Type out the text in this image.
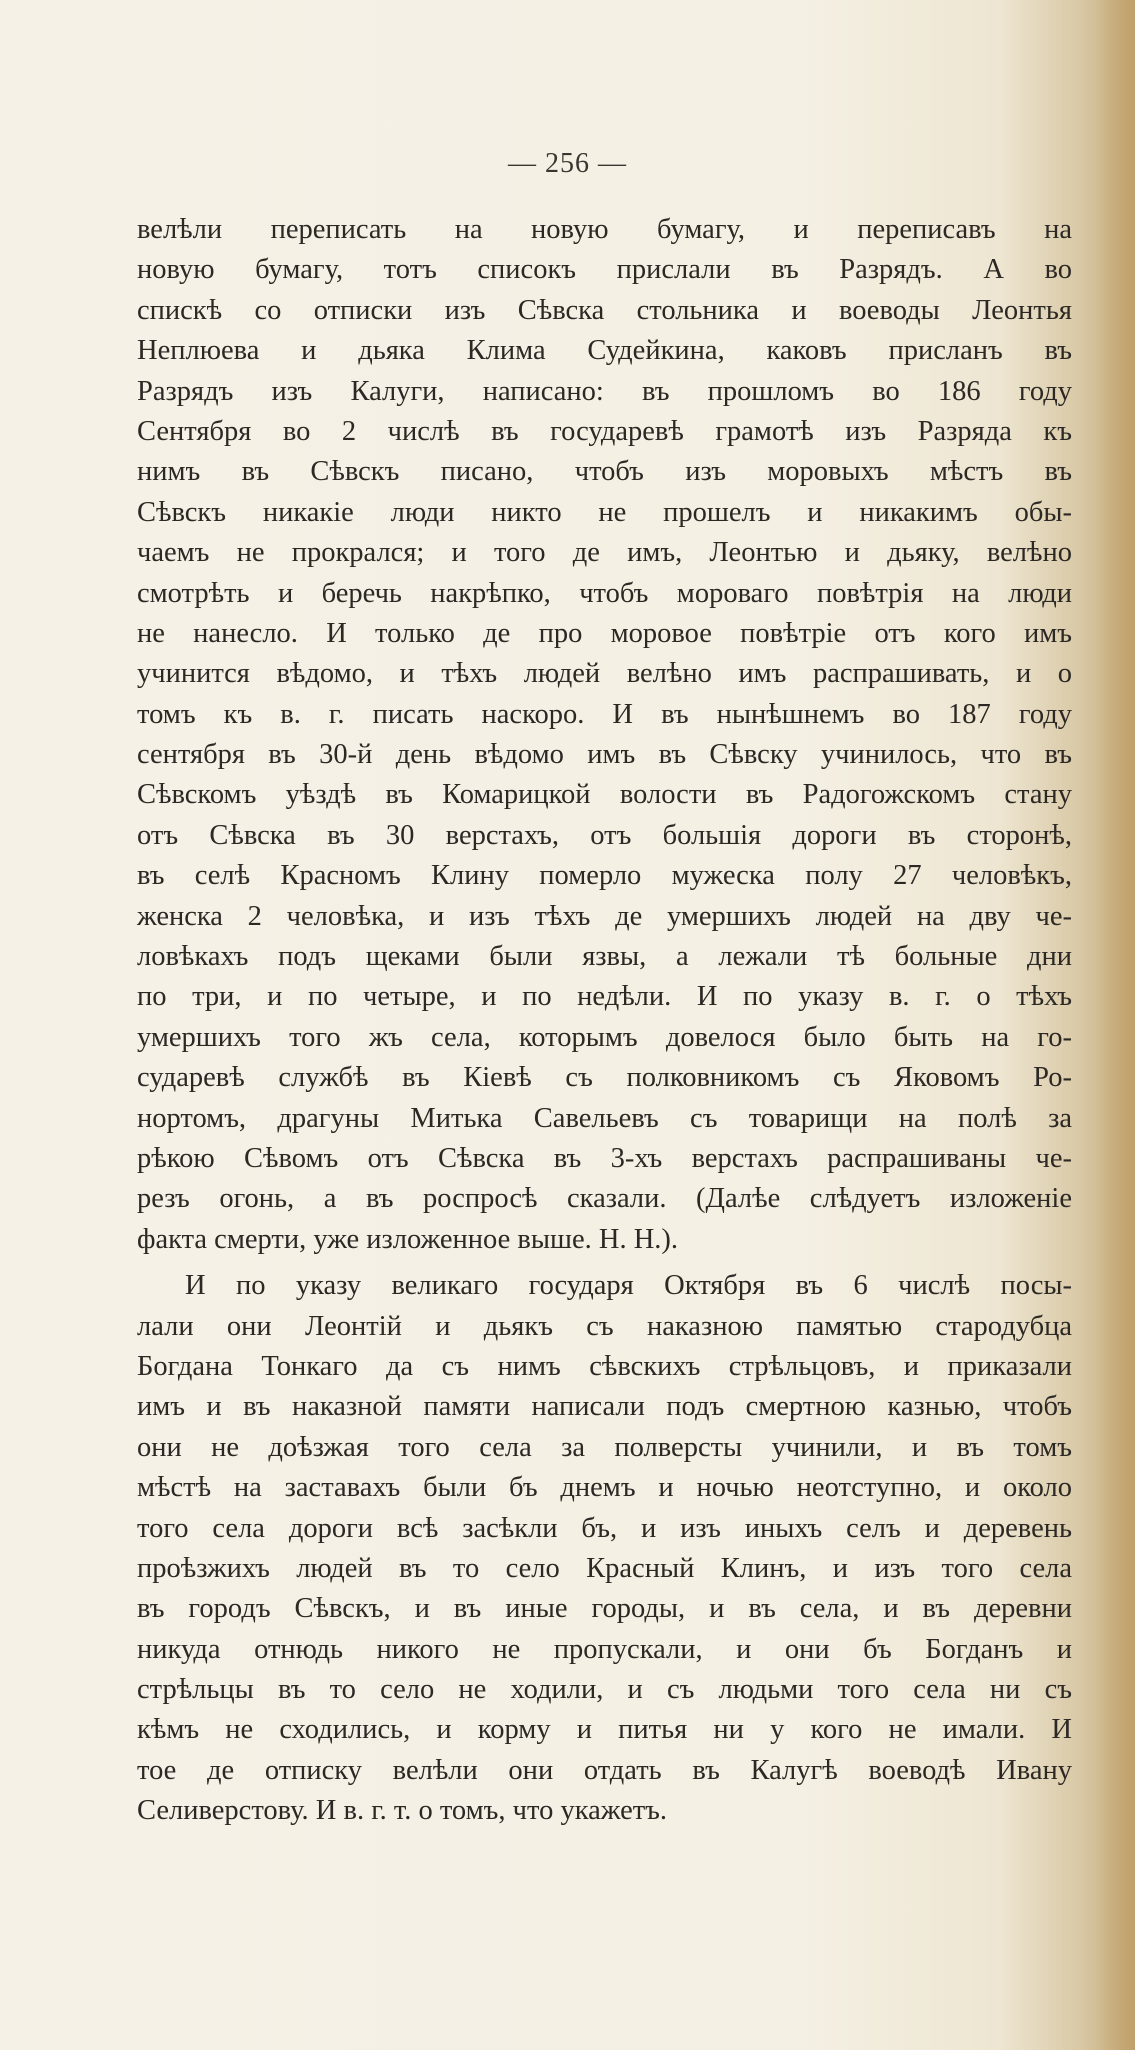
— 256 —
велѣли переписать на новую бумагу, и переписавъ на
новую бумагу, тотъ списокъ прислали въ Разрядъ. А во
спискѣ со отписки изъ Сѣвска стольника и воеводы Леонтья
Неплюева и дьяка Клима Судейкина, каковъ присланъ въ
Разрядъ изъ Калуги, написано: въ прошломъ во 186 году
Сентября во 2 числѣ въ государевѣ грамотѣ изъ Разряда къ
нимъ въ Сѣвскъ писано, чтобъ изъ моровыхъ мѣстъ въ
Сѣвскъ никакіе люди никто не прошелъ и никакимъ обы-
чаемъ не прокрался; и того де имъ, Леонтью и дьяку, велѣно
смотрѣть и беречь накрѣпко, чтобъ мороваго повѣтрія на люди
не нанесло. И только де про моровое повѣтріе отъ кого имъ
учинится вѣдомо, и тѣхъ людей велѣно имъ распрашивать, и о
томъ къ в. г. писать наскоро. И въ нынѣшнемъ во 187 году
сентября въ 30-й день вѣдомо имъ въ Сѣвску учинилось, что въ
Сѣвскомъ уѣздѣ въ Комарицкой волости въ Радогожскомъ стану
отъ Сѣвска въ 30 верстахъ, отъ большія дороги въ сторонѣ,
въ селѣ Красномъ Клину померло мужеска полу 27 человѣкъ,
женска 2 человѣка, и изъ тѣхъ де умершихъ людей на дву че-
ловѣкахъ подъ щеками были язвы, а лежали тѣ больные дни
по три, и по четыре, и по недѣли. И по указу в. г. о тѣхъ
умершихъ того жъ села, которымъ довелося было быть на го-
сударевѣ службѣ въ Кіевѣ съ полковникомъ съ Яковомъ Ро-
нортомъ, драгуны Митька Савельевъ съ товарищи на полѣ за
рѣкою Сѣвомъ отъ Сѣвска въ 3-хъ верстахъ распрашиваны че-
резъ огонь, а въ роспросѣ сказали. (Далѣе слѣдуетъ изложеніе
факта смерти, уже изложенное выше. Н. Н.).
И по указу великаго государя Октября въ 6 числѣ посы-
лали они Леонтій и дьякъ съ наказною памятью стародубца
Богдана Тонкаго да съ нимъ сѣвскихъ стрѣльцовъ, и приказали
имъ и въ наказной памяти написали подъ смертною казнью, чтобъ
они не доѣзжая того села за полверсты учинили, и въ томъ
мѣстѣ на заставахъ были бъ днемъ и ночью неотступно, и около
того села дороги всѣ засѣкли бъ, и изъ иныхъ селъ и деревень
проѣзжихъ людей въ то село Красный Клинъ, и изъ того села
въ городъ Сѣвскъ, и въ иные городы, и въ села, и въ деревни
никуда отнюдь никого не пропускали, и они бъ Богданъ и
стрѣльцы въ то село не ходили, и съ людьми того села ни съ
кѣмъ не сходились, и корму и питья ни у кого не имали. И
тое де отписку велѣли они отдать въ Калугѣ воеводѣ Ивану
Селиверстову. И в. г. т. о томъ, что укажетъ.
